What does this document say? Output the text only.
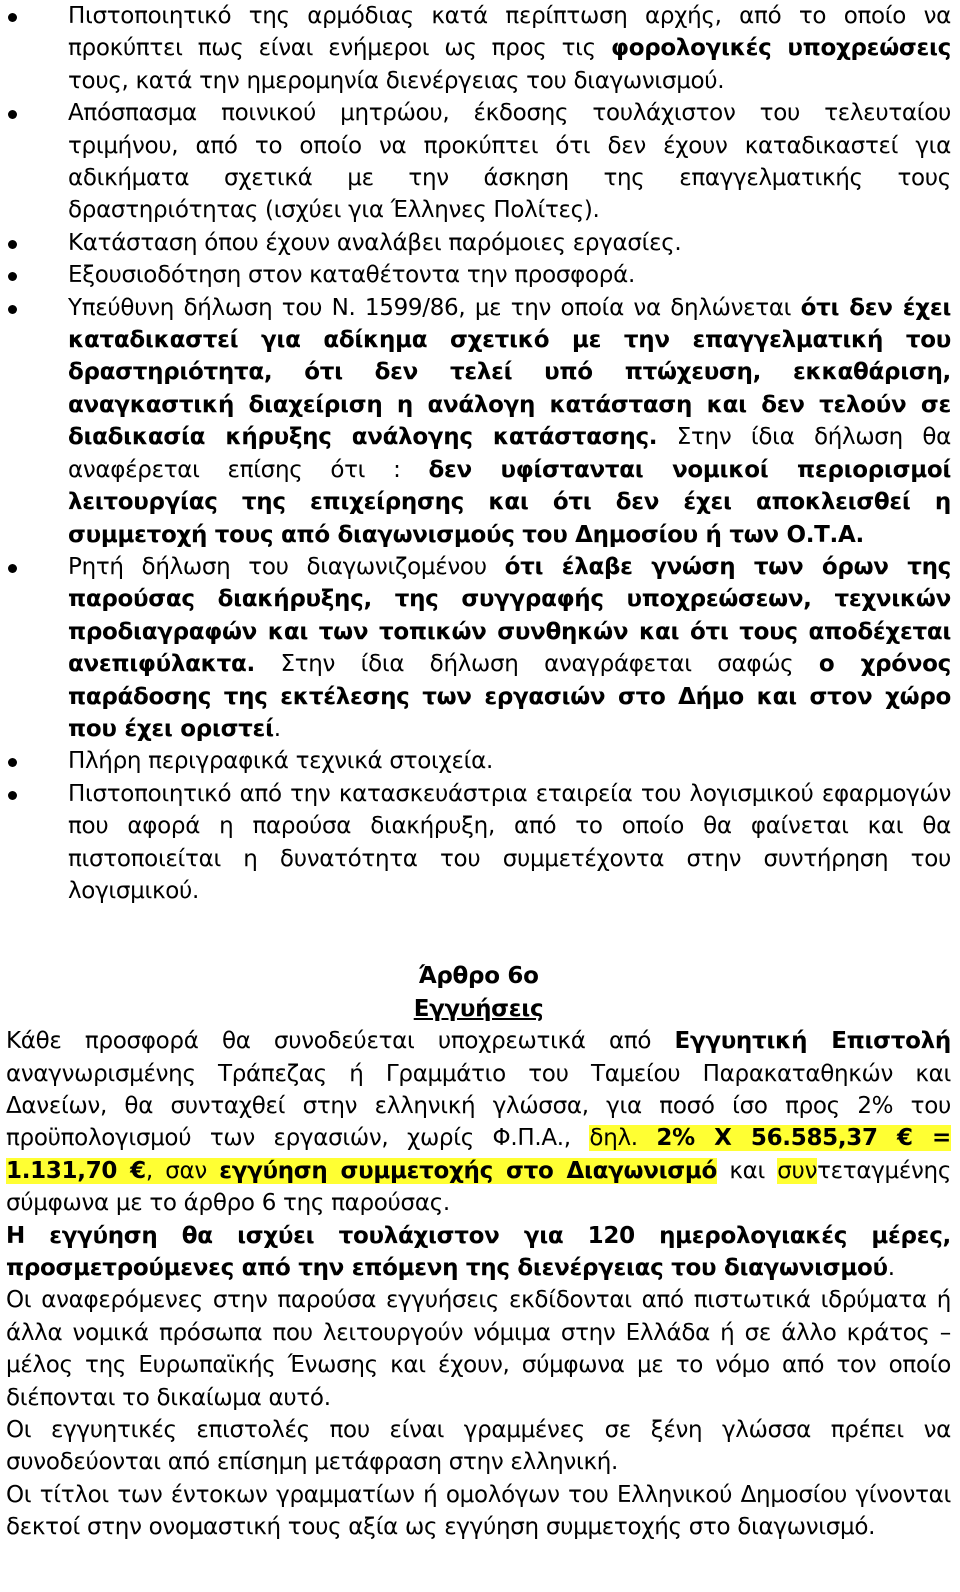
Πιστοποιητικό της αρμόδιας κατά περίπτωση αρχής, από το οποίο να προκύπτει πως είναι ενήμεροι ως προς τις φορολογικές υποχρεώσεις τους, κατά την ημερομηνία διενέργειας του διαγωνισμού.
Απόσπασμα ποινικού μητρώου, έκδοσης τουλάχιστον του τελευταίου τριμήνου, από το οποίο να προκύπτει ότι δεν έχουν καταδικαστεί για αδικήματα σχετικά με την άσκηση της επαγγελματικής τους δραστηριότητας (ισχύει για Έλληνες Πολίτες).
Κατάσταση όπου έχουν αναλάβει παρόμοιες εργασίες.
Εξουσιοδότηση στον καταθέτοντα την προσφορά.
Υπεύθυνη δήλωση του Ν. 1599/86, με την οποία να δηλώνεται ότι δεν έχει καταδικαστεί για αδίκημα σχετικό με την επαγγελματική του δραστηριότητα, ότι δεν τελεί υπό πτώχευση, εκκαθάριση, αναγκαστική διαχείριση η ανάλογη κατάσταση και δεν τελούν σε διαδικασία κήρυξης ανάλογης κατάστασης. Στην ίδια δήλωση θα αναφέρεται επίσης ότι : δεν υφίστανται νομικοί περιορισμοί λειτουργίας της επιχείρησης και ότι δεν έχει αποκλεισθεί η συμμετοχή τους από διαγωνισμούς του Δημοσίου ή των Ο.Τ.Α.
Ρητή δήλωση του διαγωνιζομένου ότι έλαβε γνώση των όρων της παρούσας διακήρυξης, της συγγραφής υποχρεώσεων, τεχνικών προδιαγραφών και των τοπικών συνθηκών και ότι τους αποδέχεται ανεπιφύλακτα. Στην ίδια δήλωση αναγράφεται σαφώς ο χρόνος παράδοσης της εκτέλεσης των εργασιών στο Δήμο και στον χώρο που έχει οριστεί.
Πλήρη περιγραφικά τεχνικά στοιχεία.
Πιστοποιητικό από την κατασκευάστρια εταιρεία του λογισμικού εφαρμογών που αφορά η παρούσα διακήρυξη, από το οποίο θα φαίνεται και θα πιστοποιείται η δυνατότητα του συμμετέχοντα στην συντήρηση του λογισμικού.
Άρθρο 6ο
Εγγυήσεις

Κάθε προσφορά θα συνοδεύεται υποχρεωτικά από Εγγυητική Επιστολή αναγνωρισμένης Τράπεζας ή Γραμμάτιο του Ταμείου Παρακαταθηκών και Δανείων, θα συνταχθεί στην ελληνική γλώσσα, για ποσό ίσο προς 2% του προϋπολογισμού των εργασιών, χωρίς Φ.Π.Α., δηλ. 2% Χ 56.585,37 € = 1.131,70 €, σαν εγγύηση συμμετοχής στο Διαγωνισμό και συντεταγμένης σύμφωνα με το άρθρο 6 της παρούσας.

Η εγγύηση θα ισχύει τουλάχιστον για 120 ημερολογιακές μέρες, προσμετρούμενες από την επόμενη της διενέργειας του διαγωνισμού.

Οι αναφερόμενες στην παρούσα εγγυήσεις εκδίδονται από πιστωτικά ιδρύματα ή άλλα νομικά πρόσωπα που λειτουργούν νόμιμα στην Ελλάδα ή σε άλλο κράτος – μέλος της Ευρωπαϊκής Ένωσης και έχουν, σύμφωνα με το νόμο από τον οποίο διέπονται το δικαίωμα αυτό.

Οι εγγυητικές επιστολές που είναι γραμμένες σε ξένη γλώσσα πρέπει να συνοδεύονται από επίσημη μετάφραση στην ελληνική.

Οι τίτλοι των έντοκων γραμματίων ή ομολόγων του Ελληνικού Δημοσίου γίνονται δεκτοί στην ονομαστική τους αξία ως εγγύηση συμμετοχής στο διαγωνισμό.
